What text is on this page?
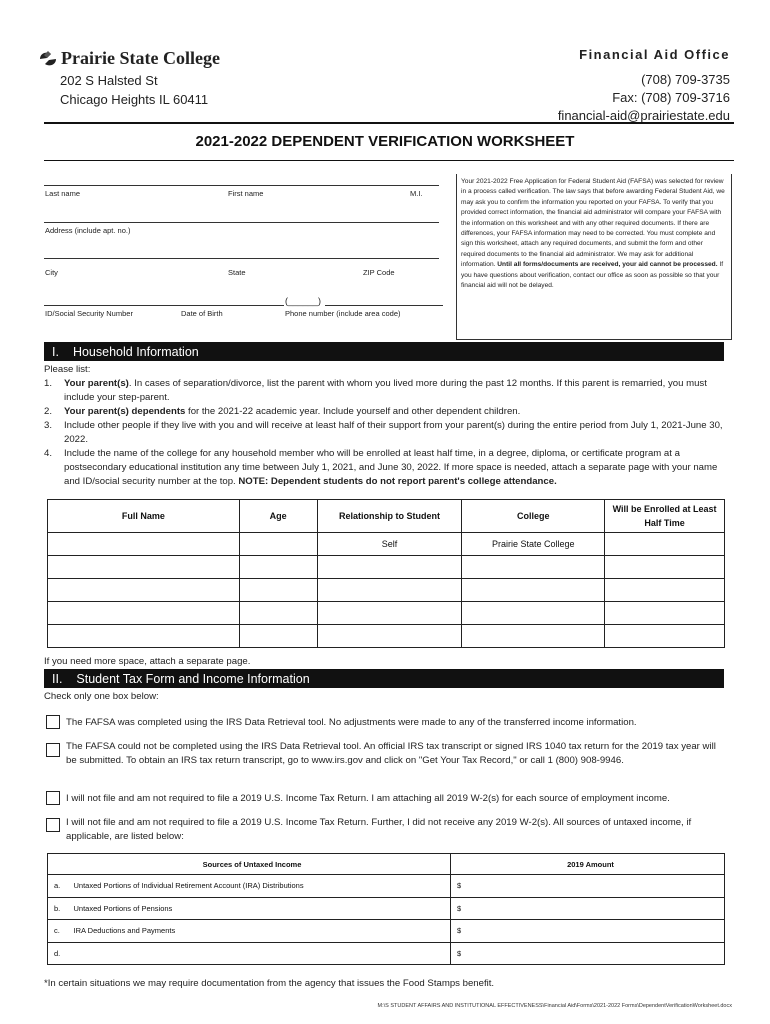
Prairie State College
202 S Halsted St
Chicago Heights IL 60411
Financial Aid Office
(708) 709-3735
Fax: (708) 709-3716
financial-aid@prairiestate.edu
2021-2022 DEPENDENT VERIFICATION WORKSHEET
Last name	First name	M.I.
Address (include apt. no.)
City	State	ZIP Code
(______)
ID/Social Security Number	Date of Birth	Phone number (include area code)
Your 2021-2022 Free Application for Federal Student Aid (FAFSA) was selected for review in a process called verification. The law says that before awarding Federal Student Aid, we may ask you to confirm the information you reported on your FAFSA. To verify that you provided correct information, the financial aid administrator will compare your FAFSA with the information on this worksheet and with any other required documents. If there are differences, your FAFSA information may need to be corrected. You must complete and sign this worksheet, attach any required documents, and submit the form and other required documents to the financial aid administrator. We may ask for additional information. Until all forms/documents are received, your aid cannot be processed. If you have questions about verification, contact our office as soon as possible so that your financial aid will not be delayed.
I. Household Information
Please list:
1.	Your parent(s). In cases of separation/divorce, list the parent with whom you lived more during the past 12 months. If this parent is remarried, you must include your step-parent.
2.	Your parent(s) dependents for the 2021-22 academic year. Include yourself and other dependent children.
3.	Include other people if they live with you and will receive at least half of their support from your parent(s) during the entire period from July 1, 2021-June 30, 2022.
4.	Include the name of the college for any household member who will be enrolled at least half time, in a degree, diploma, or certificate program at a postsecondary educational institution any time between July 1, 2021, and June 30, 2022. If more space is needed, attach a separate page with your name and ID/social security number at the top. NOTE: Dependent students do not report parent's college attendance.
Full Name	Age	Relationship to Student	College	Will be Enrolled at Least Half Time
		Self	Prairie State College	

If you need more space, attach a separate page.
II. Student Tax Form and Income Information
Check only one box below:
The FAFSA was completed using the IRS Data Retrieval tool. No adjustments were made to any of the transferred income information.
The FAFSA could not be completed using the IRS Data Retrieval tool. An official IRS tax transcript or signed IRS 1040 tax return for the 2019 tax year will be submitted. To obtain an IRS tax return transcript, go to www.irs.gov and click on "Get Your Tax Record," or call 1 (800) 908-9946.
I will not file and am not required to file a 2019 U.S. Income Tax Return. I am attaching all 2019 W-2(s) for each source of employment income.
I will not file and am not required to file a 2019 U.S. Income Tax Return. Further, I did not receive any 2019 W-2(s). All sources of untaxed income, if applicable, are listed below:
Sources of Untaxed Income		2019 Amount
a.	Untaxed Portions of Individual Retirement Account (IRA) Distributions	$
b.	Untaxed Portions of Pensions	$
c.	IRA Deductions and Payments	$
d.		$
*In certain situations we may require documentation from the agency that issues the Food Stamps benefit.
M:\S STUDENT AFFAIRS AND INSTITUTIONAL EFFECTIVENESS\Financial Aid\Forms\2021-2022 Forms\DependentVerificationWorksheet.docx
